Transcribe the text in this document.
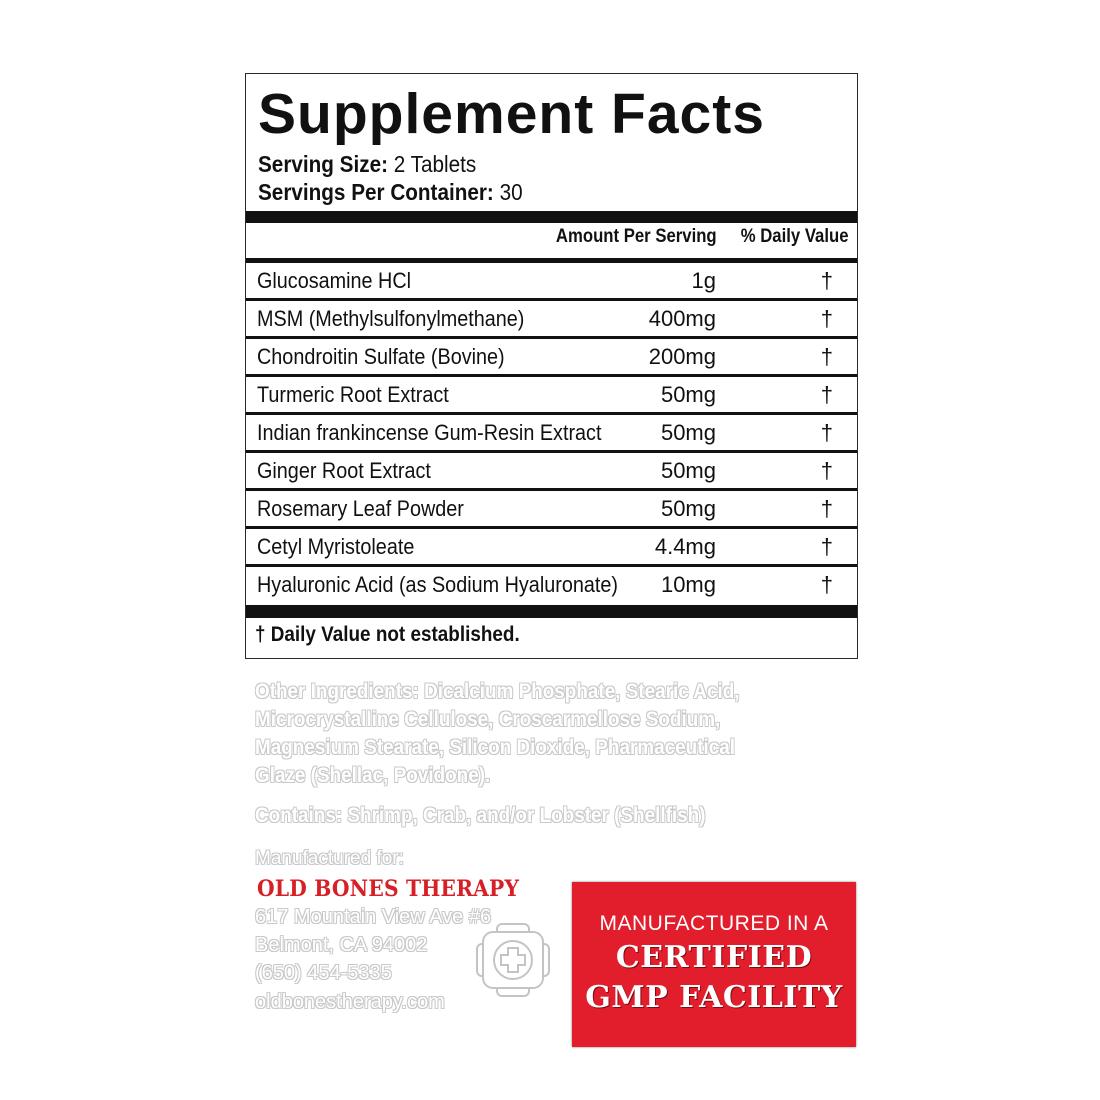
Supplement Facts
Serving Size: 2 Tablets
Servings Per Container: 30
Amount Per Serving % Daily Value
Glucosamine HCl	1g	†
MSM (Methylsulfonylmethane)	400mg	†
Chondroitin Sulfate (Bovine)	200mg	†
Turmeric Root Extract	50mg	†
Indian frankincense Gum-Resin Extract	50mg	†
Ginger Root Extract	50mg	†
Rosemary Leaf Powder	50mg	†
Cetyl Myristoleate	4.4mg	†
Hyaluronic Acid (as Sodium Hyaluronate) 10mg	†
† Daily Value not established.
Other Ingredients: Dicalcium Phosphate, Stearic Acid, Microcrystalline Cellulose, Croscarmellose Sodium, Magnesium Stearate, Silicon Dioxide, Pharmaceutical Glaze (Shellac, Povidone).
Contains: Shrimp, Crab, and/or Lobster (Shellfish)
Manufactured for:
OLD BONES THERAPY
617 Mountain View Ave #6
Belmont, CA 94002
(650) 454-5335
oldbonestherapy.com
MANUFACTURED IN A
CERTIFIED
GMP FACILITY
